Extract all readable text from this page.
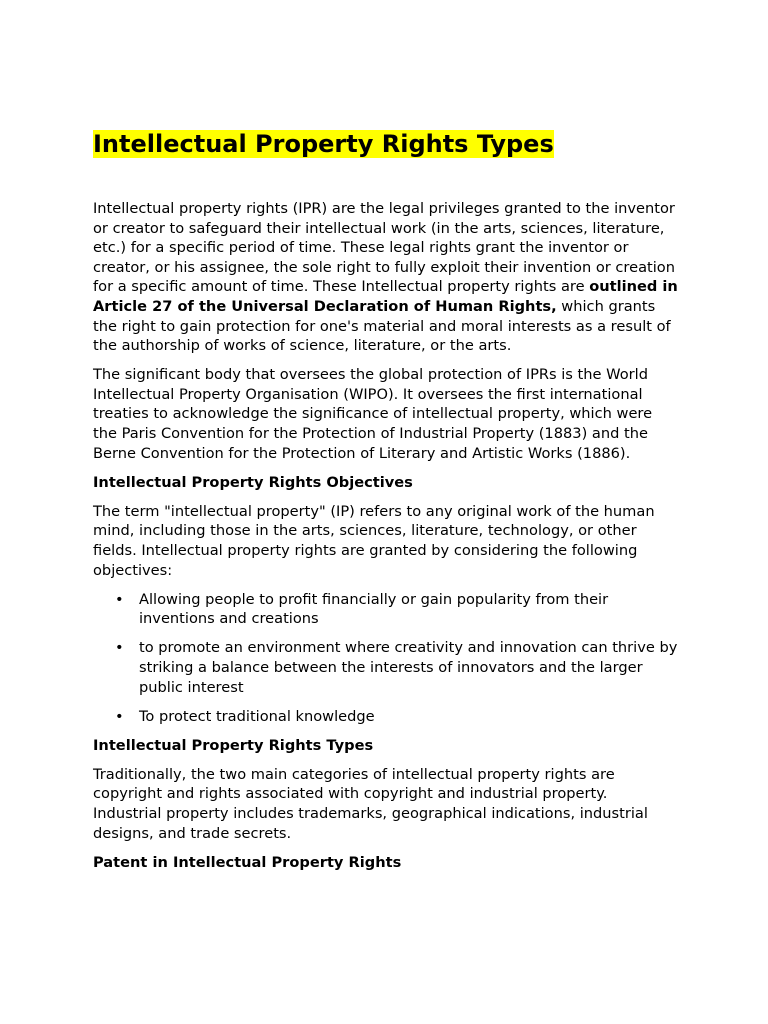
Intellectual Property Rights Types

Intellectual property rights (IPR) are the legal privileges granted to the inventor or creator to safeguard their intellectual work (in the arts, sciences, literature, etc.) for a specific period of time. These legal rights grant the inventor or creator, or his assignee, the sole right to fully exploit their invention or creation for a specific amount of time. These Intellectual property rights are outlined in Article 27 of the Universal Declaration of Human Rights, which grants the right to gain protection for one's material and moral interests as a result of the authorship of works of science, literature, or the arts.

The significant body that oversees the global protection of IPRs is the World Intellectual Property Organisation (WIPO). It oversees the first international treaties to acknowledge the significance of intellectual property, which were the Paris Convention for the Protection of Industrial Property (1883) and the Berne Convention for the Protection of Literary and Artistic Works (1886).

Intellectual Property Rights Objectives

The term "intellectual property" (IP) refers to any original work of the human mind, including those in the arts, sciences, literature, technology, or other fields. Intellectual property rights are granted by considering the following objectives:

• Allowing people to profit financially or gain popularity from their inventions and creations
• to promote an environment where creativity and innovation can thrive by striking a balance between the interests of innovators and the larger public interest
• To protect traditional knowledge
Intellectual Property Rights Types

Traditionally, the two main categories of intellectual property rights are copyright and rights associated with copyright and industrial property. Industrial property includes trademarks, geographical indications, industrial designs, and trade secrets.

Patent in Intellectual Property Rights
